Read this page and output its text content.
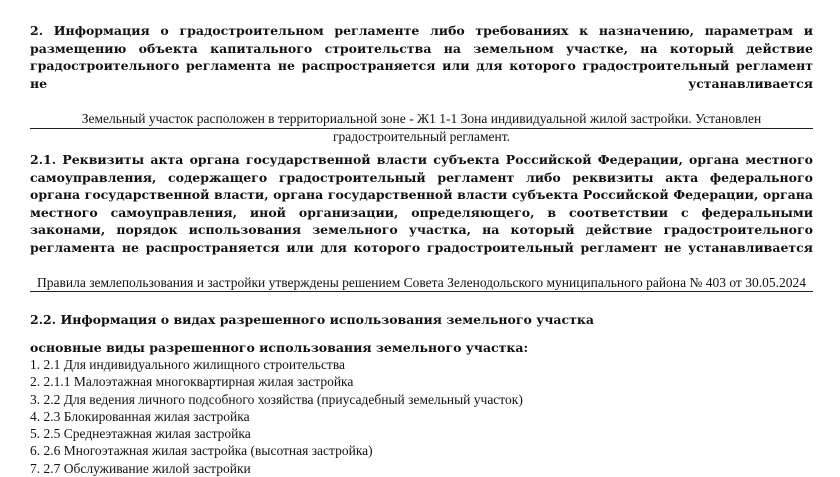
2. Информация о градостроительном регламенте либо требованиях к назначению, параметрам и размещению объекта капитального строительства на земельном участке, на который действие градостроительного регламента не распространяется или для которого градостроительный регламент не устанавливается

Земельный участок расположен в территориальной зоне - Ж1 1-1 Зона индивидуальной жилой застройки. Установлен градостроительный регламент.

2.1. Реквизиты акта органа государственной власти субъекта Российской Федерации, органа местного самоуправления, содержащего градостроительный регламент либо реквизиты акта федерального органа государственной власти, органа государственной власти субъекта Российской Федерации, органа местного самоуправления, иной организации, определяющего, в соответствии с федеральными законами, порядок использования земельного участка, на который действие градостроительного регламента не распространяется или для которого градостроительный регламент не устанавливается

Правила землепользования и застройки утверждены решением Совета Зеленодольского муниципального района № 403 от 30.05.2024

2.2. Информация о видах разрешенного использования земельного участка

основные виды разрешенного использования земельного участка:

1. 2.1 Для индивидуального жилищного строительства
2. 2.1.1 Малоэтажная многоквартирная жилая застройка
3. 2.2 Для ведения личного подсобного хозяйства (приусадебный земельный участок)
4. 2.3 Блокированная жилая застройка
5. 2.5 Среднеэтажная жилая застройка
6. 2.6 Многоэтажная жилая застройка (высотная застройка)
7. 2.7 Обслуживание жилой застройки
